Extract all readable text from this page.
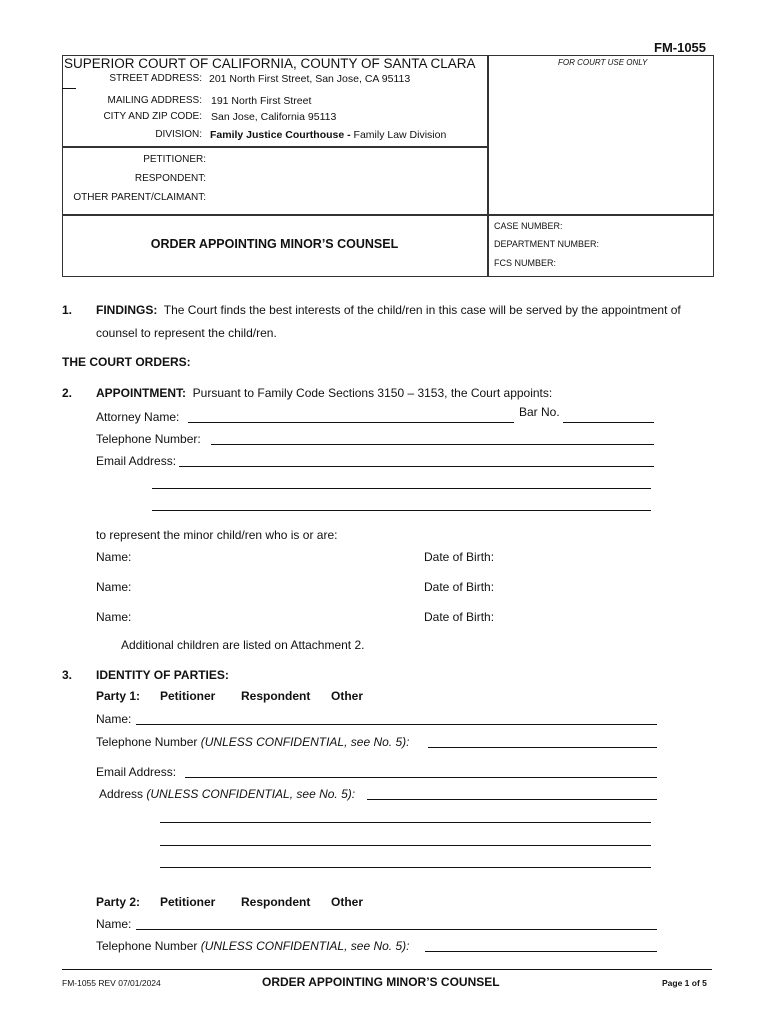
FM-1055
SUPERIOR COURT OF CALIFORNIA, COUNTY OF SANTA CLARA	FOR COURT USE ONLY
STREET ADDRESS: 201 North First Street, San Jose, CA 95113
MAILING ADDRESS: 191 North First Street
CITY AND ZIP CODE: San Jose, California 95113
DIVISION: Family Justice Courthouse - Family Law Division
PETITIONER:
RESPONDENT:
OTHER PARENT/CLAIMANT:
ORDER APPOINTING MINOR’S COUNSEL
CASE NUMBER:
DEPARTMENT NUMBER:
FCS NUMBER:
1. FINDINGS: The Court finds the best interests of the child/ren in this case will be served by the appointment of
counsel to represent the child/ren.
THE COURT ORDERS:
2. APPOINTMENT: Pursuant to Family Code Sections 3150 – 3153, the Court appoints:
Attorney Name:	Bar No.
Telephone Number:
Email Address:
to represent the minor child/ren who is or are:
Name:	Date of Birth:
Name:	Date of Birth:
Name:	Date of Birth:
Additional children are listed on Attachment 2.
3. IDENTITY OF PARTIES:
Party 1: Petitioner Respondent Other
Name:
Telephone Number (UNLESS CONFIDENTIAL, see No. 5):
Email Address:
Address (UNLESS CONFIDENTIAL, see No. 5):
Party 2: Petitioner Respondent Other
Name:
Telephone Number (UNLESS CONFIDENTIAL, see No. 5):
FM-1055 REV 07/01/2024	ORDER APPOINTING MINOR’S COUNSEL	Page 1 of 5
